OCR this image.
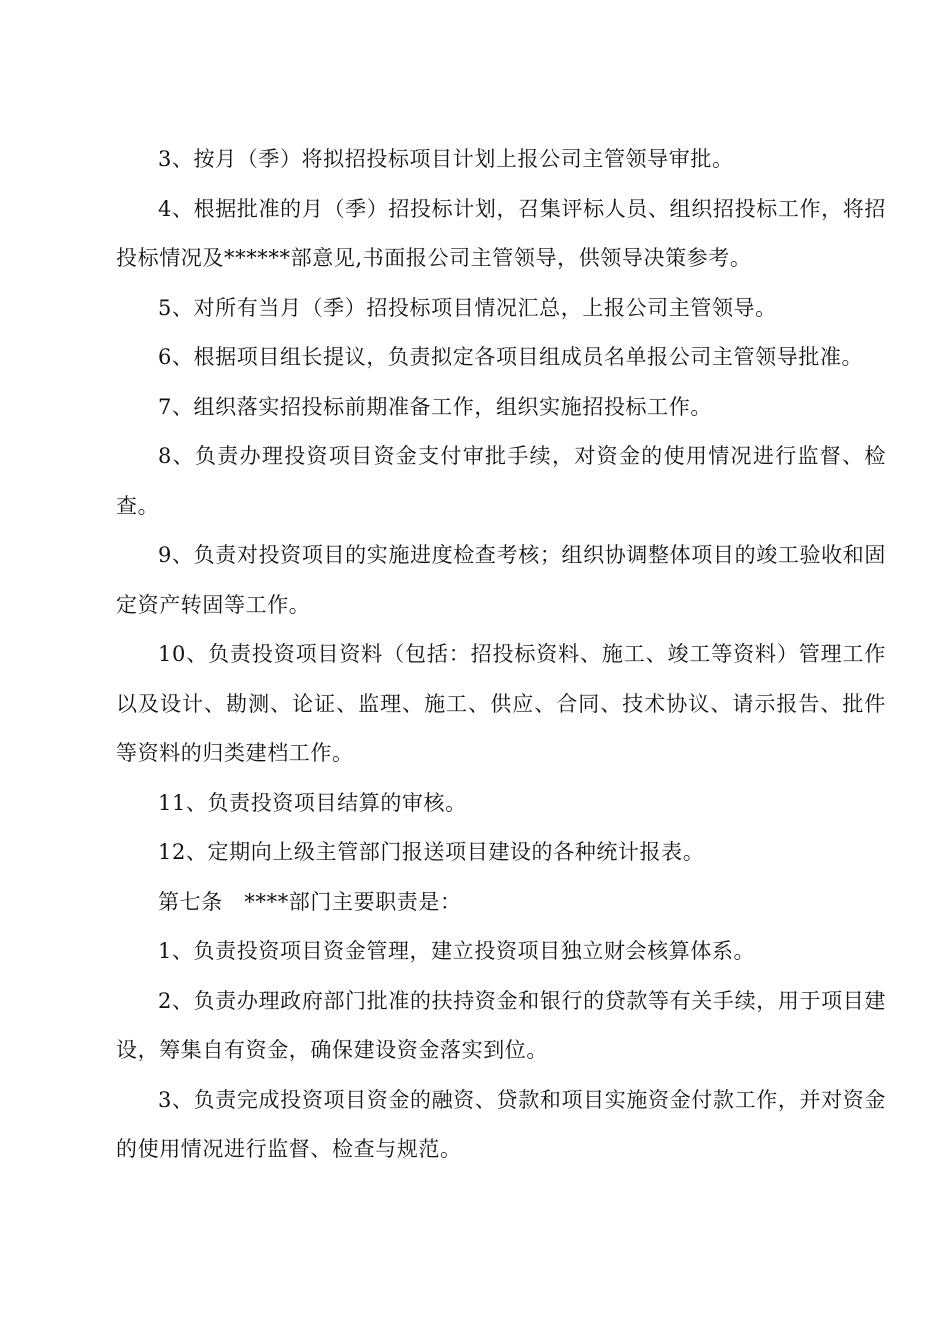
3、按月（季）将拟招投标项目计划上报公司主管领导审批。

4、根据批准的月（季）招投标计划，召集评标人员、组织招投标工作，将招投标情况及******部意见,书面报公司主管领导，供领导决策参考。

5、对所有当月（季）招投标项目情况汇总，上报公司主管领导。

6、根据项目组长提议，负责拟定各项目组成员名单报公司主管领导批准。

7、组织落实招投标前期准备工作，组织实施招投标工作。

8、负责办理投资项目资金支付审批手续，对资金的使用情况进行监督、检查。

9、负责对投资项目的实施进度检查考核；组织协调整体项目的竣工验收和固定资产转固等工作。

10、负责投资项目资料（包括：招投标资料、施工、竣工等资料）管理工作以及设计、勘测、论证、监理、施工、供应、合同、技术协议、请示报告、批件等资料的归类建档工作。

11、负责投资项目结算的审核。

12、定期向上级主管部门报送项目建设的各种统计报表。

第七条　****部门主要职责是：

1、负责投资项目资金管理，建立投资项目独立财会核算体系。

2、负责办理政府部门批准的扶持资金和银行的贷款等有关手续，用于项目建设，筹集自有资金，确保建设资金落实到位。

3、负责完成投资项目资金的融资、贷款和项目实施资金付款工作，并对资金的使用情况进行监督、检查与规范。
